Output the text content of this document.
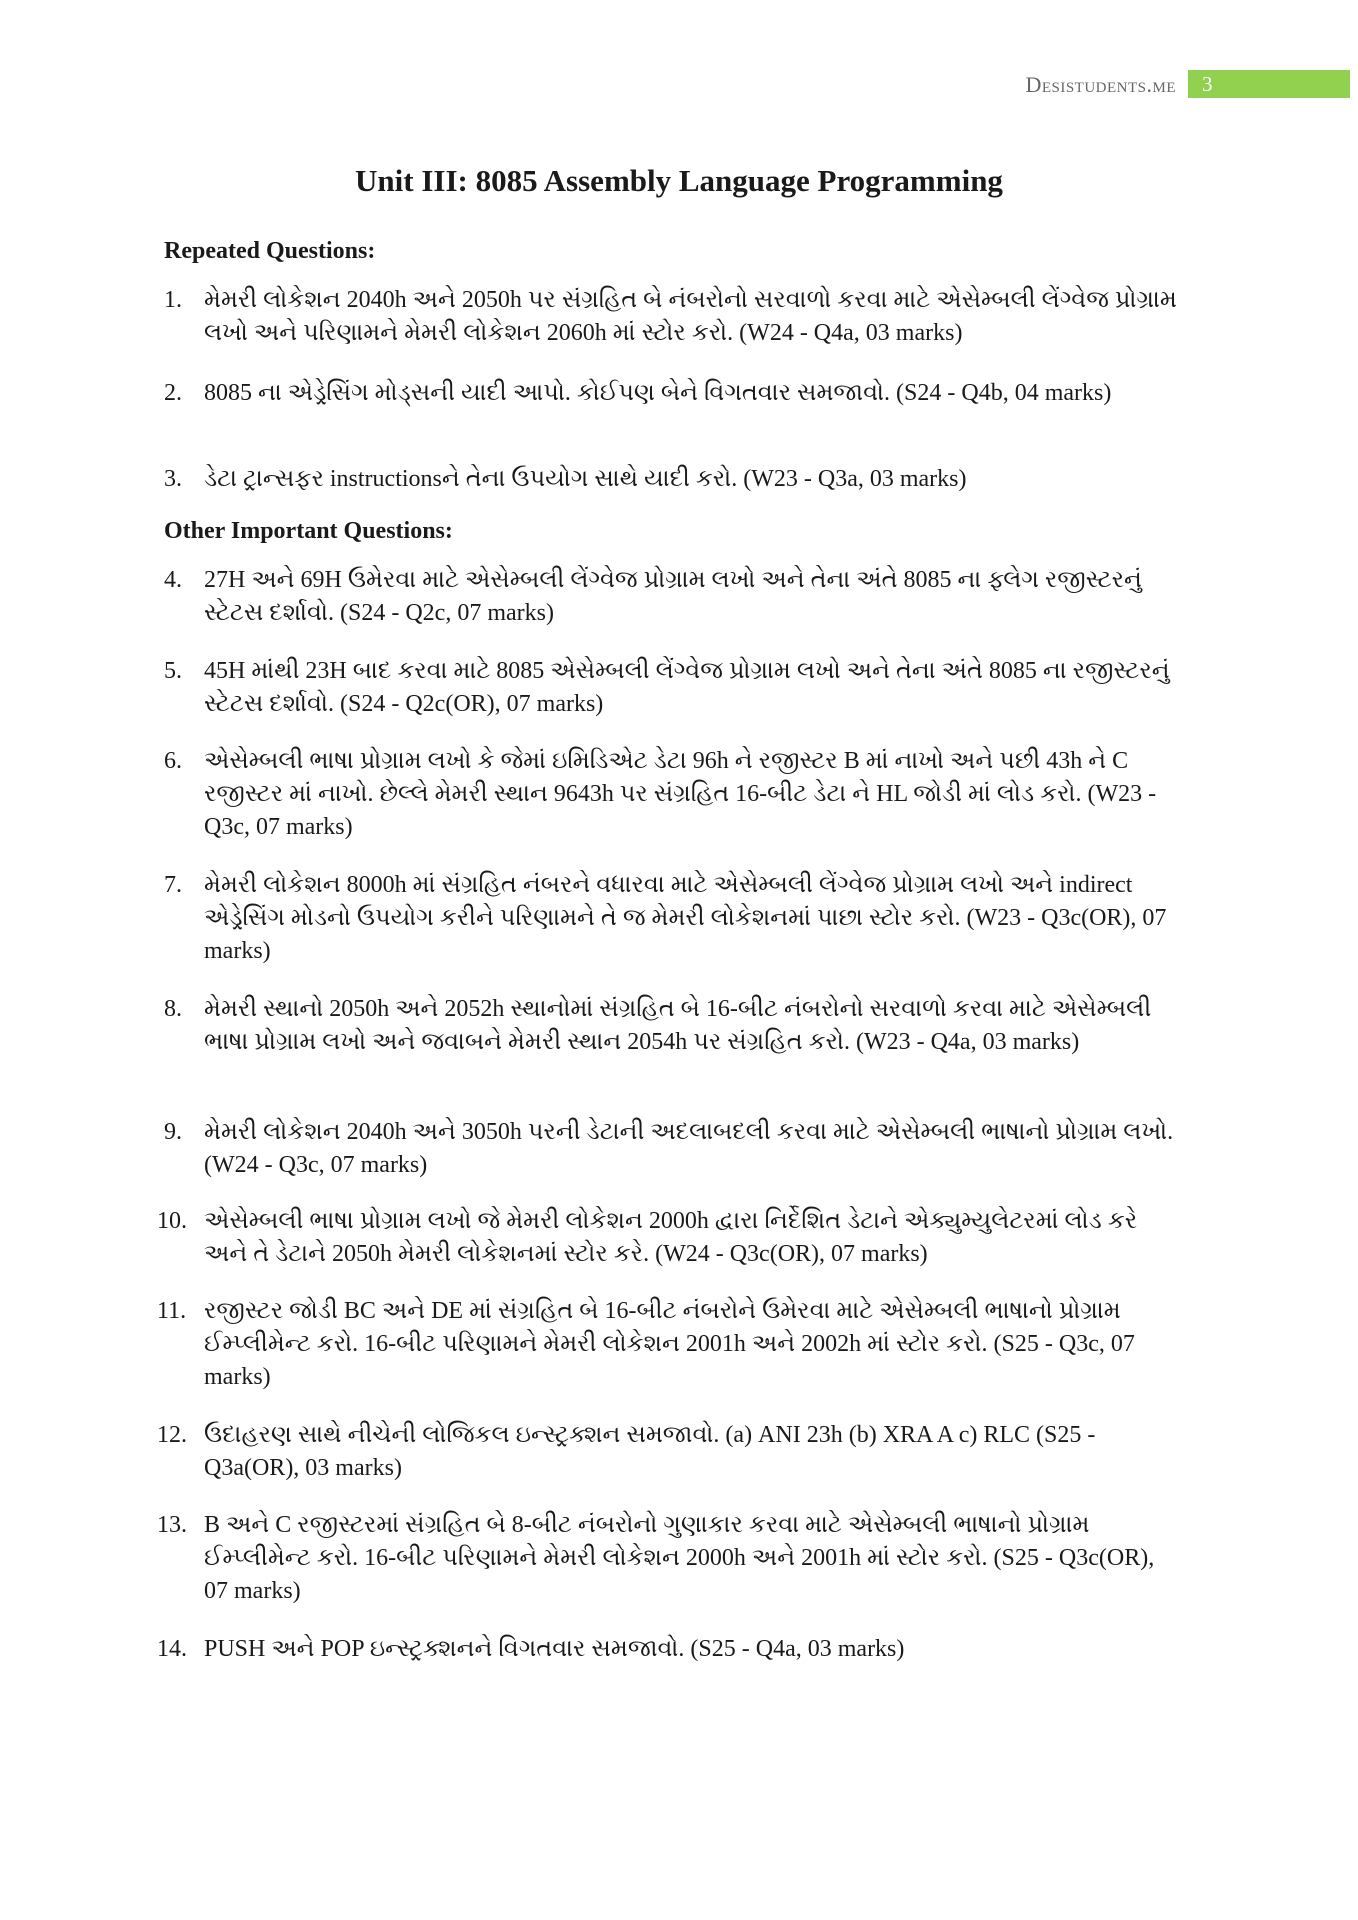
Desistudents.me	3
Unit III: 8085 Assembly Language Programming
Repeated Questions:
1. મેમરી લોકેશન 2040h અને 2050h પર સંગ્રહિત બે નંબરોનો સરવાળો કરવા માટે એસેમ્બલી લેંગ્વેજ પ્રોગ્રામ લખો અને પરિણામને મેમરી લોકેશન 2060h માં સ્ટોર કરો. (W24 - Q4a, 03 marks)
2. 8085 ના એડ્રેસિંગ મોડ્સની યાદી આપો. કોઈપણ બેને વિગતવાર સમજાવો. (S24 - Q4b, 04 marks)
3. ડેટા ટ્રાન્સફર instructionsને તેના ઉપયોગ સાથે યાદી કરો. (W23 - Q3a, 03 marks)
Other Important Questions:
4. 27H અને 69H ઉમેરવા માટે એસેમ્બલી લેંગ્વેજ પ્રોગ્રામ લખો અને તેના અંતે 8085 ના ફ્લેગ રજીસ્ટરનું સ્ટેટસ દર્શાવો. (S24 - Q2c, 07 marks)
5. 45H માંથી 23H બાદ કરવા માટે 8085 એસેમ્બલી લેંગ્વેજ પ્રોગ્રામ લખો અને તેના અંતે 8085 ના રજીસ્ટરનું સ્ટેટસ દર્શાવો. (S24 - Q2c(OR), 07 marks)
6. એસેમ્બલી ભાષા પ્રોગ્રામ લખો કે જેમાં ઇમિડિએટ ડેટા 96h ને રજીસ્ટર B માં નાખો અને પછી 43h ને C રજીસ્ટર માં નાખો. છેલ્લે મેમરી સ્થાન 9643h પર સંગ્રહિત 16-બીટ ડેટા ને HL જોડી માં લોડ કરો. (W23 - Q3c, 07 marks)
7. મેમરી લોકેશન 8000h માં સંગ્રહિત નંબરને વધારવા માટે એસેમ્બલી લેંગ્વેજ પ્રોગ્રામ લખો અને indirect એડ્રેસિંગ મોડનો ઉપયોગ કરીને પરિણામને તે જ મેમરી લોકેશનમાં પાછા સ્ટોર કરો. (W23 - Q3c(OR), 07 marks)
8. મેમરી સ્થાનો 2050h અને 2052h સ્થાનોમાં સંગ્રહિત બે 16-બીટ નંબરોનો સરવાળો કરવા માટે એસેમ્બલી ભાષા પ્રોગ્રામ લખો અને જવાબને મેમરી સ્થાન 2054h પર સંગ્રહિત કરો. (W23 - Q4a, 03 marks)
9. મેમરી લોકેશન 2040h અને 3050h પરની ડેટાની અદલાબદલી કરવા માટે એસેમ્બલી ભાષાનો પ્રોગ્રામ લખો. (W24 - Q3c, 07 marks)
10. એસેમ્બલી ભાષા પ્રોગ્રામ લખો જે મેમરી લોકેશન 2000h દ્વારા નિર્દેશિત ડેટાને એક્યુમ્યુલેટરમાં લોડ કરે અને તે ડેટાને 2050h મેમરી લોકેશનમાં સ્ટોર કરે. (W24 - Q3c(OR), 07 marks)
11. રજીસ્ટર જોડી BC અને DE માં સંગ્રહિત બે 16-બીટ નંબરોને ઉમેરવા માટે એસેમ્બલી ભાષાનો પ્રોગ્રામ ઈમ્પ્લીમેન્ટ કરો. 16-બીટ પરિણામને મેમરી લોકેશન 2001h અને 2002h માં સ્ટોર કરો. (S25 - Q3c, 07 marks)
12. ઉદાહરણ સાથે નીચેની લોજિકલ ઇન્સ્ટ્રક્શન સમજાવો. (a) ANI 23h (b) XRA A c) RLC (S25 - Q3a(OR), 03 marks)
13. B અને C રજીસ્ટરમાં સંગ્રહિત બે 8-બીટ નંબરોનો ગુણાકાર કરવા માટે એસેમ્બલી ભાષાનો પ્રોગ્રામ ઈમ્પ્લીમેન્ટ કરો. 16-બીટ પરિણામને મેમરી લોકેશન 2000h અને 2001h માં સ્ટોર કરો. (S25 - Q3c(OR), 07 marks)
14. PUSH અને POP ઇન્સ્ટ્રક્શનને વિગતવાર સમજાવો. (S25 - Q4a, 03 marks)
